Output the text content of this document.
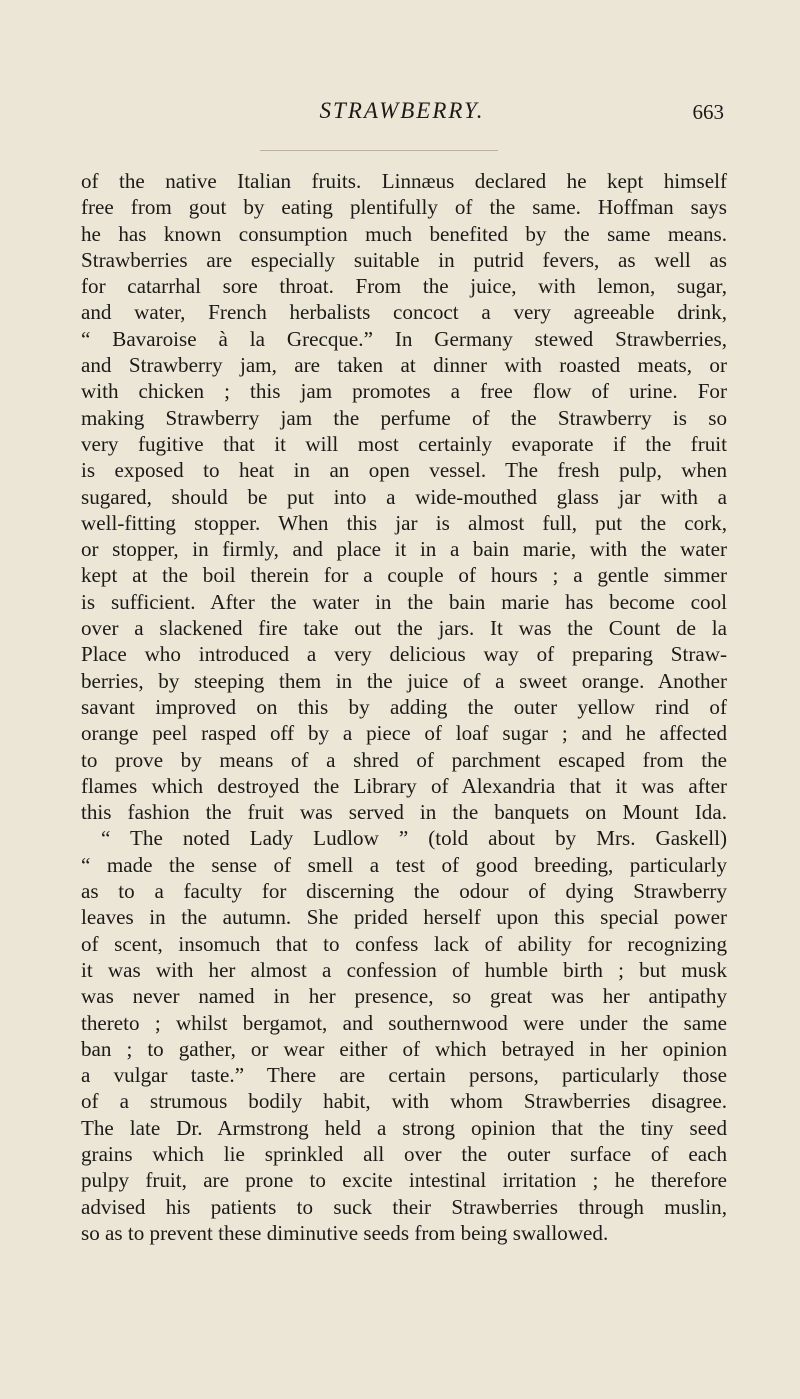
STRAWBERRY.	663
of the native Italian fruits. Linnæus declared he kept himself
free from gout by eating plentifully of the same. Hoffman says
he has known consumption much benefited by the same means.
Strawberries are especially suitable in putrid fevers, as well as
for catarrhal sore throat. From the juice, with lemon, sugar,
and water, French herbalists concoct a very agreeable drink,
“ Bavaroise à la Grecque.” In Germany stewed Strawberries,
and Strawberry jam, are taken at dinner with roasted meats, or
with chicken ; this jam promotes a free flow of urine. For
making Strawberry jam the perfume of the Strawberry is so
very fugitive that it will most certainly evaporate if the fruit
is exposed to heat in an open vessel. The fresh pulp, when
sugared, should be put into a wide-mouthed glass jar with a
well-fitting stopper. When this jar is almost full, put the cork,
or stopper, in firmly, and place it in a bain marie, with the water
kept at the boil therein for a couple of hours ; a gentle simmer
is sufficient. After the water in the bain marie has become cool
over a slackened fire take out the jars. It was the Count de la
Place who introduced a very delicious way of preparing Straw-
berries, by steeping them in the juice of a sweet orange. Another
savant improved on this by adding the outer yellow rind of
orange peel rasped off by a piece of loaf sugar ; and he affected
to prove by means of a shred of parchment escaped from the
flames which destroyed the Library of Alexandria that it was after
this fashion the fruit was served in the banquets on Mount Ida.
“ The noted Lady Ludlow ” (told about by Mrs. Gaskell)
“ made the sense of smell a test of good breeding, particularly
as to a faculty for discerning the odour of dying Strawberry
leaves in the autumn. She prided herself upon this special power
of scent, insomuch that to confess lack of ability for recognizing
it was with her almost a confession of humble birth ; but musk
was never named in her presence, so great was her antipathy
thereto ; whilst bergamot, and southernwood were under the same
ban ; to gather, or wear either of which betrayed in her opinion
a vulgar taste.” There are certain persons, particularly those
of a strumous bodily habit, with whom Strawberries disagree.
The late Dr. Armstrong held a strong opinion that the tiny seed
grains which lie sprinkled all over the outer surface of each
pulpy fruit, are prone to excite intestinal irritation ; he therefore
advised his patients to suck their Strawberries through muslin,
so as to prevent these diminutive seeds from being swallowed.
